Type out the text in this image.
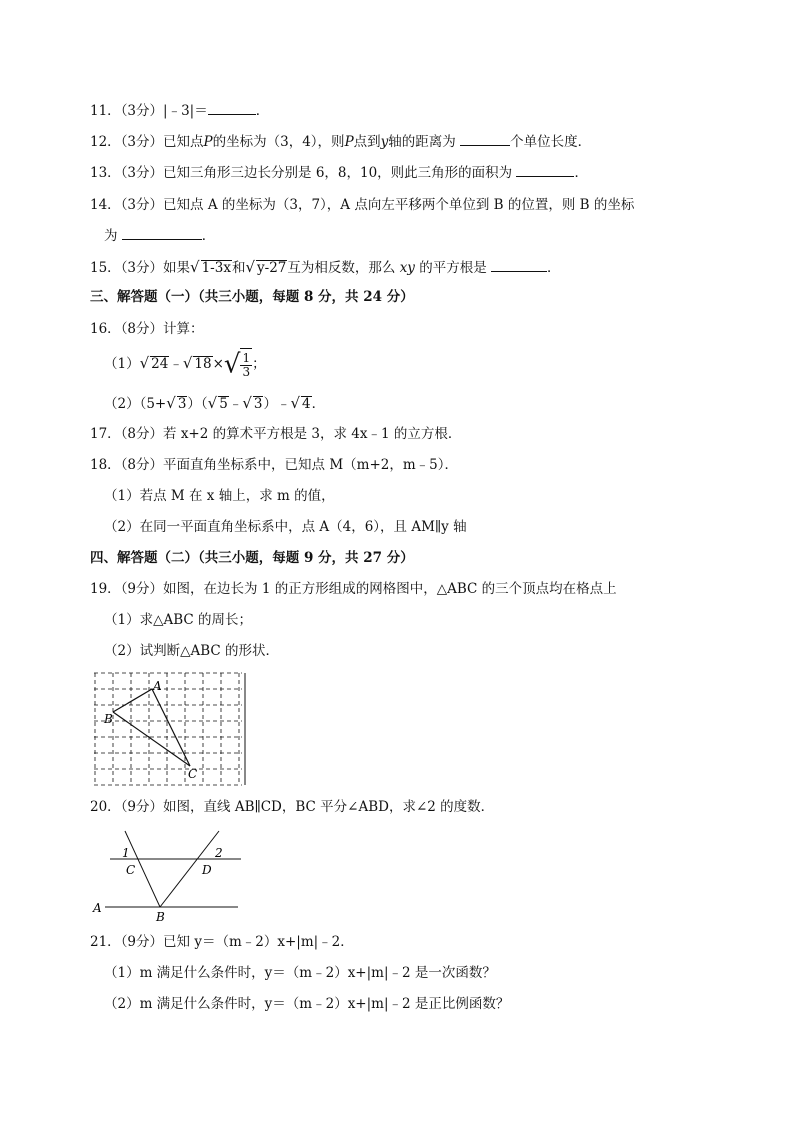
11．（3分）|﹣3|＝	．
12．（3分）已知点P的坐标为（3，4），则P点到y轴的距离为	个单位长度．
13．（3分）已知三角形三边长分别是 6，8，10，则此三角形的面积为	．
14．（3分）已知点 A 的坐标为（3，7），A 点向左平移两个单位到 B 的位置，则 B 的坐标
为	．
15．（3分）如果√ 1-3x和√ y-27互为相反数，那么 xy 的平方根是	．
三、解答题（一）（共三小题，每题 8 分，共 24 分）
16．（8分）计算：
（1）√ 24﹣√ $18\times√ \frac{1}{3}$ ；
（2）（5+√ 3）（√ 5﹣√ 3）﹣√ 4．
17．（8分）若 x+2 的算术平方根是 3，求 4x﹣1 的立方根．
18．（8分）平面直角坐标系中，已知点 M（m+2，m﹣5）．
（1）若点 M 在 x 轴上，求 m 的值，
（2）在同一平面直角坐标系中，点 A（4，6），且 AM∥y 轴
四、解答题（二）（共三小题，每题 9 分，共 27 分）
19．（9分）如图，在边长为 1 的正方形组成的网格图中，△ABC 的三个顶点均在格点上
（1）求△ABC 的周长；
（2）试判断△ABC 的形状．
A
B
C
20．（9分）如图，直线 AB∥CD，BC 平分∠ABD，求∠2 的度数．
1	2
C	D
A
B
21．（9分）已知 y＝（m﹣2）x+|m|﹣2．
（1）m 满足什么条件时，y＝（m﹣2）x+|m|﹣2 是一次函数？
（2）m 满足什么条件时，y＝（m﹣2）x+|m|﹣2 是正比例函数？
